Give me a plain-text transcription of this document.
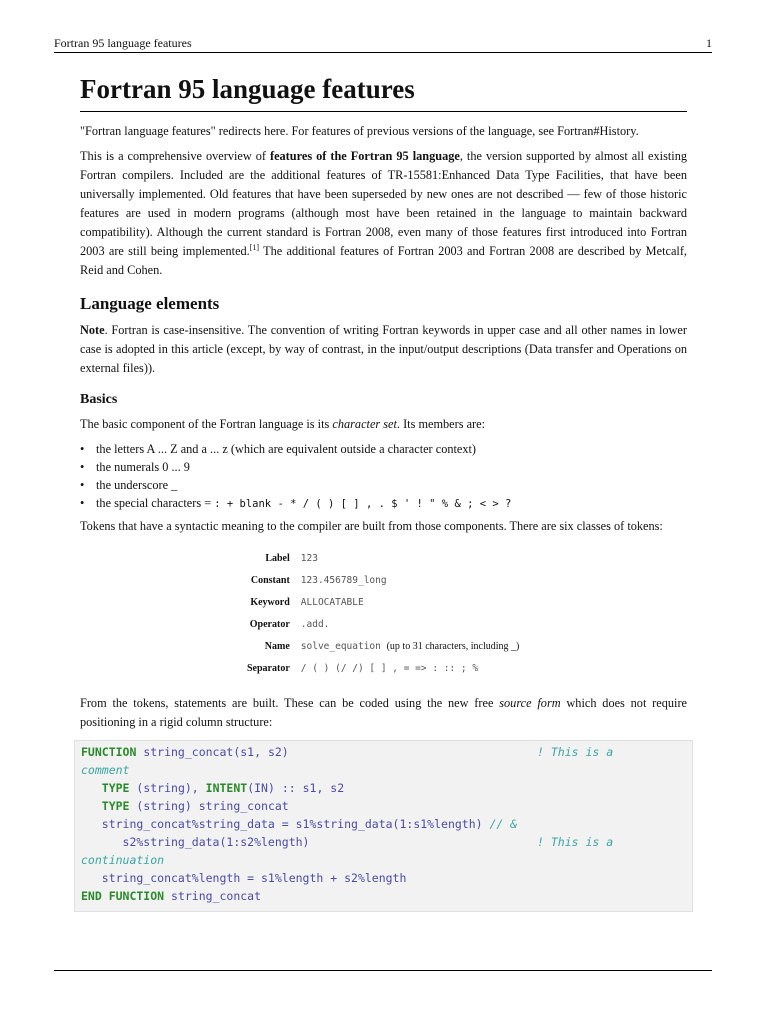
Fortran 95 language features	1
Fortran 95 language features

"Fortran language features" redirects here. For features of previous versions of the language, see Fortran#History.

This is a comprehensive overview of features of the Fortran 95 language, the version supported by almost all existing Fortran compilers. Included are the additional features of TR-15581:Enhanced Data Type Facilities, that have been universally implemented. Old features that have been superseded by new ones are not described — few of those historic features are used in modern programs (although most have been retained in the language to maintain backward compatibility). Although the current standard is Fortran 2008, even many of those features first introduced into Fortran 2003 are still being implemented.[1] The additional features of Fortran 2003 and Fortran 2008 are described by Metcalf, Reid and Cohen.

Language elements

Note. Fortran is case-insensitive. The convention of writing Fortran keywords in upper case and all other names in lower case is adopted in this article (except, by way of contrast, in the input/output descriptions (Data transfer and Operations on external files)).

Basics

The basic component of the Fortran language is its character set. Its members are:

• the letters A ... Z and a ... z (which are equivalent outside a character context)
• the numerals 0 ... 9
• the underscore _
• the special characters = : + blank - * / ( ) [ ] , . $ ' ! " % & ; < > ?

Tokens that have a syntactic meaning to the compiler are built from those components. There are six classes of tokens:

Label	123
Constant	123.456789_long
Keyword	ALLOCATABLE
Operator	.add.
Name	solve_equation (up to 31 characters, including _)
Separator	/ ( ) (/ /) [ ] , = => : :: ; %

From the tokens, statements are built. These can be coded using the new free source form which does not require positioning in a rigid column structure:

FUNCTION string_concat(s1, s2)	! This is a
comment
TYPE (string), INTENT(IN) :: s1, s2
TYPE (string) string_concat
string_concat%string_data = s1%string_data(1:s1%length) // &
s2%string_data(1:s2%length)	! This is a
continuation
string_concat%length = s1%length + s2%length
END FUNCTION string_concat
